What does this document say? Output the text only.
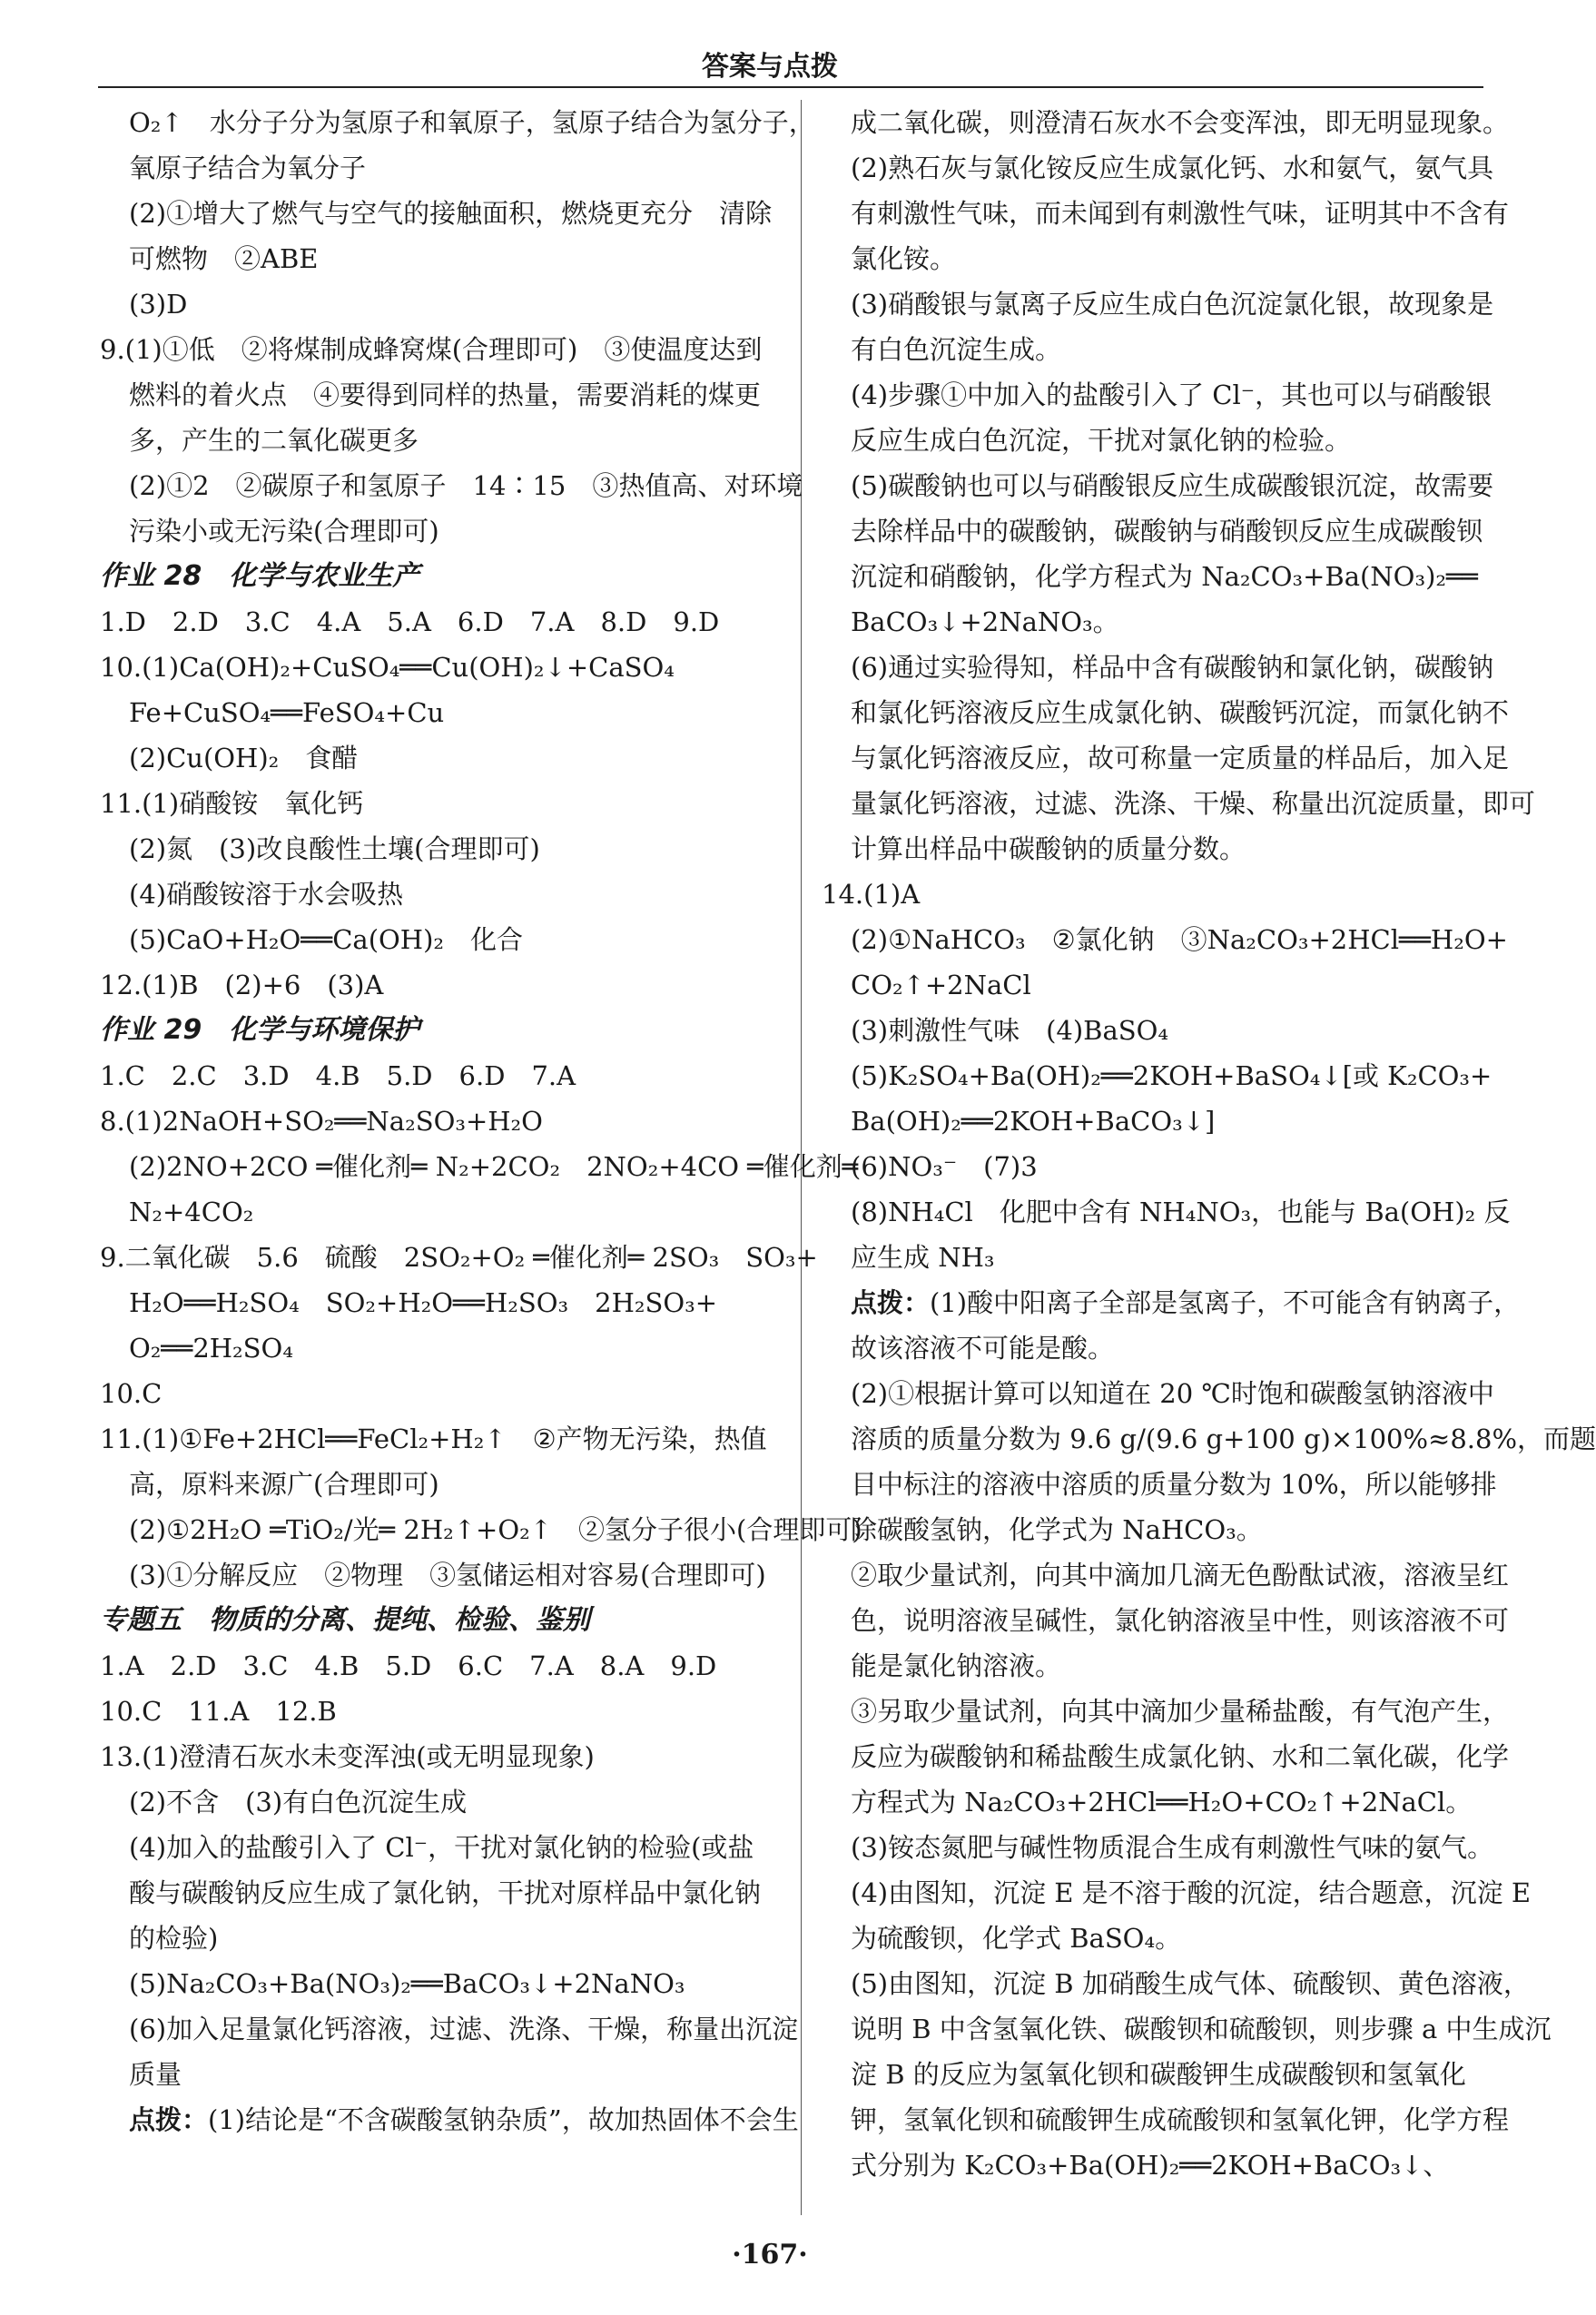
答案与点拨
O₂↑　水分子分为氢原子和氧原子，氢原子结合为氢分子，
氧原子结合为氧分子
(2)①增大了燃气与空气的接触面积，燃烧更充分　清除
可燃物　②ABE
(3)D
9.(1)①低　②将煤制成蜂窝煤(合理即可)　③使温度达到
燃料的着火点　④要得到同样的热量，需要消耗的煤更
多，产生的二氧化碳更多
(2)①2　②碳原子和氢原子　14∶15　③热值高、对环境
污染小或无污染(合理即可)
作业 28　化学与农业生产
1.D　2.D　3.C　4.A　5.A　6.D　7.A　8.D　9.D
10.(1)Ca(OH)₂+CuSO₄══Cu(OH)₂↓+CaSO₄
Fe+CuSO₄══FeSO₄+Cu
(2)Cu(OH)₂　食醋
11.(1)硝酸铵　氧化钙
(2)氮　(3)改良酸性土壤(合理即可)
(4)硝酸铵溶于水会吸热
(5)CaO+H₂O══Ca(OH)₂　化合
12.(1)B　(2)+6　(3)A
作业 29　化学与环境保护
1.C　2.C　3.D　4.B　5.D　6.D　7.A
8.(1)2NaOH+SO₂══Na₂SO₃+H₂O
(2)2NO+2CO ═催化剂═ N₂+2CO₂　2NO₂+4CO ═催化剂═
N₂+4CO₂
9.二氧化碳　5.6　硫酸　2SO₂+O₂ ═催化剂═ 2SO₃　SO₃+
H₂O══H₂SO₄　SO₂+H₂O══H₂SO₃　2H₂SO₃+
O₂══2H₂SO₄
10.C
11.(1)①Fe+2HCl══FeCl₂+H₂↑　②产物无污染，热值
高，原料来源广(合理即可)
(2)①2H₂O ═TiO₂/光═ 2H₂↑+O₂↑　②氢分子很小(合理即可)
(3)①分解反应　②物理　③氢储运相对容易(合理即可)
专题五　物质的分离、提纯、检验、鉴别
1.A　2.D　3.C　4.B　5.D　6.C　7.A　8.A　9.D
10.C　11.A　12.B
13.(1)澄清石灰水未变浑浊(或无明显现象)
(2)不含　(3)有白色沉淀生成
(4)加入的盐酸引入了 Cl⁻，干扰对氯化钠的检验(或盐
酸与碳酸钠反应生成了氯化钠，干扰对原样品中氯化钠
的检验)
(5)Na₂CO₃+Ba(NO₃)₂══BaCO₃↓+2NaNO₃
(6)加入足量氯化钙溶液，过滤、洗涤、干燥，称量出沉淀
质量
点拨：(1)结论是“不含碳酸氢钠杂质”，故加热固体不会生
成二氧化碳，则澄清石灰水不会变浑浊，即无明显现象。
(2)熟石灰与氯化铵反应生成氯化钙、水和氨气，氨气具
有刺激性气味，而未闻到有刺激性气味，证明其中不含有
氯化铵。
(3)硝酸银与氯离子反应生成白色沉淀氯化银，故现象是
有白色沉淀生成。
(4)步骤①中加入的盐酸引入了 Cl⁻，其也可以与硝酸银
反应生成白色沉淀，干扰对氯化钠的检验。
(5)碳酸钠也可以与硝酸银反应生成碳酸银沉淀，故需要
去除样品中的碳酸钠，碳酸钠与硝酸钡反应生成碳酸钡
沉淀和硝酸钠，化学方程式为 Na₂CO₃+Ba(NO₃)₂══
BaCO₃↓+2NaNO₃。
(6)通过实验得知，样品中含有碳酸钠和氯化钠，碳酸钠
和氯化钙溶液反应生成氯化钠、碳酸钙沉淀，而氯化钠不
与氯化钙溶液反应，故可称量一定质量的样品后，加入足
量氯化钙溶液，过滤、洗涤、干燥、称量出沉淀质量，即可
计算出样品中碳酸钠的质量分数。
14.(1)A
(2)①NaHCO₃　②氯化钠　③Na₂CO₃+2HCl══H₂O+
CO₂↑+2NaCl
(3)刺激性气味　(4)BaSO₄
(5)K₂SO₄+Ba(OH)₂══2KOH+BaSO₄↓[或 K₂CO₃+
Ba(OH)₂══2KOH+BaCO₃↓]
(6)NO₃⁻　(7)3
(8)NH₄Cl　化肥中含有 NH₄NO₃，也能与 Ba(OH)₂ 反
应生成 NH₃
点拨：(1)酸中阳离子全部是氢离子，不可能含有钠离子，
故该溶液不可能是酸。
(2)①根据计算可以知道在 20 ℃时饱和碳酸氢钠溶液中
溶质的质量分数为 9.6 g/(9.6 g+100 g)×100%≈8.8%，而题
目中标注的溶液中溶质的质量分数为 10%，所以能够排
除碳酸氢钠，化学式为 NaHCO₃。
②取少量试剂，向其中滴加几滴无色酚酞试液，溶液呈红
色，说明溶液呈碱性，氯化钠溶液呈中性，则该溶液不可
能是氯化钠溶液。
③另取少量试剂，向其中滴加少量稀盐酸，有气泡产生，
反应为碳酸钠和稀盐酸生成氯化钠、水和二氧化碳，化学
方程式为 Na₂CO₃+2HCl══H₂O+CO₂↑+2NaCl。
(3)铵态氮肥与碱性物质混合生成有刺激性气味的氨气。
(4)由图知，沉淀 E 是不溶于酸的沉淀，结合题意，沉淀 E
为硫酸钡，化学式 BaSO₄。
(5)由图知，沉淀 B 加硝酸生成气体、硫酸钡、黄色溶液，
说明 B 中含氢氧化铁、碳酸钡和硫酸钡，则步骤 a 中生成沉
淀 B 的反应为氢氧化钡和碳酸钾生成碳酸钡和氢氧化
钾，氢氧化钡和硫酸钾生成硫酸钡和氢氧化钾，化学方程
式分别为 K₂CO₃+Ba(OH)₂══2KOH+BaCO₃↓、
·167·
